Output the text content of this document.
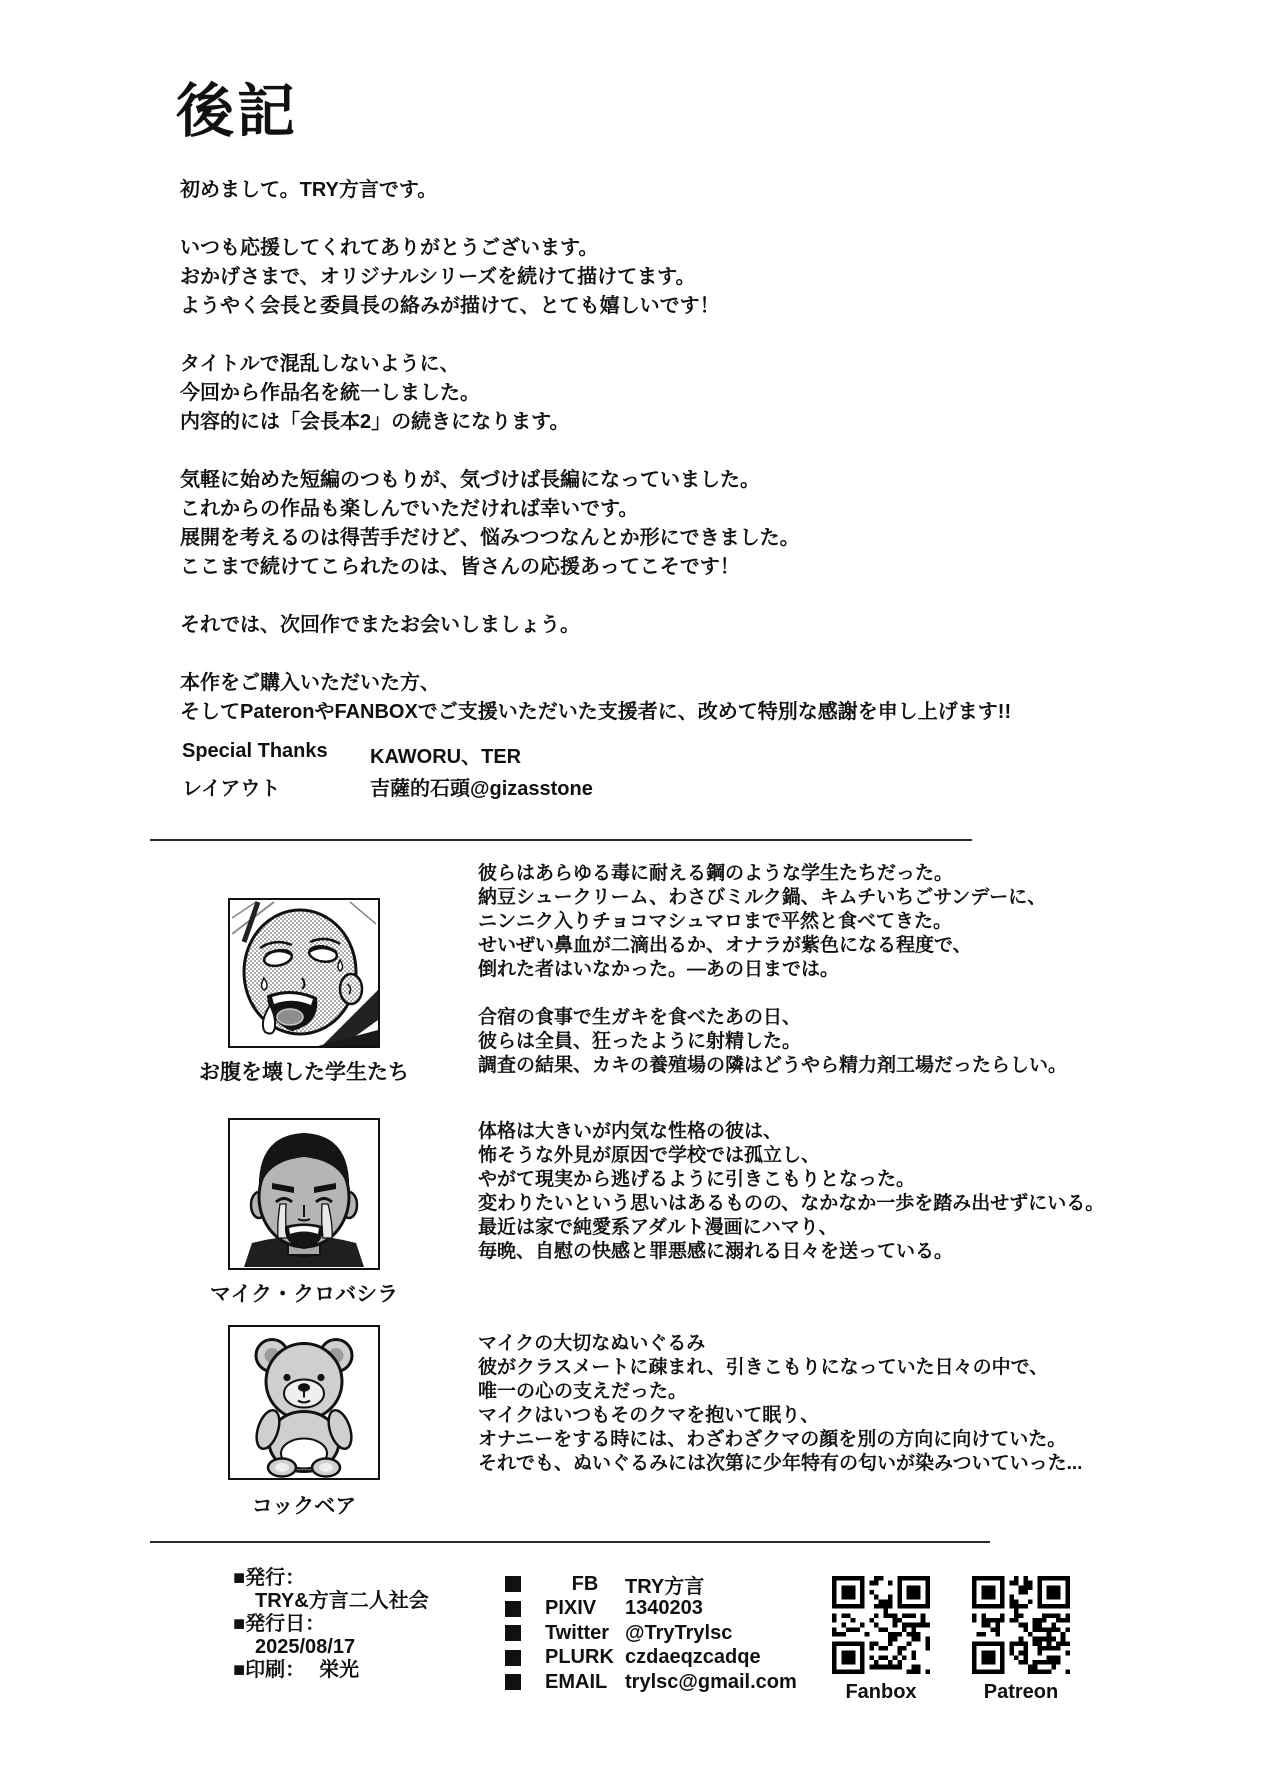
後記
初めまして。TRY方言です。

いつも応援してくれてありがとうございます。
おかげさまで、オリジナルシリーズを続けて描けてます。
ようやく会長と委員長の絡みが描けて、とても嬉しいです！

タイトルで混乱しないように、
今回から作品名を統一しました。
内容的には「会長本2」の続きになります。

気軽に始めた短編のつもりが、気づけば長編になっていました。
これからの作品も楽しんでいただければ幸いです。
展開を考えるのは得苦手だけど、悩みつつなんとか形にできました。
ここまで続けてこられたのは、皆さんの応援あってこそです！

それでは、次回作でまたお会いしましょう。

本作をご購入いただいた方、
そしてPateronやFANBOXでご支援いただいた支援者に、改めて特別な感謝を申し上げます!!
Special Thanks	KAWORU、TER
レイアウト	吉薩的石頭@gizasstone
お腹を壊した学生たち
彼らはあらゆる毒に耐える鋼のような学生たちだった。
納豆シュークリーム、わさびミルク鍋、キムチいちごサンデーに、
ニンニク入りチョコマシュマロまで平然と食べてきた。
せいぜい鼻血が二滴出るか、オナラが紫色になる程度で、
倒れた者はいなかった。―あの日までは。

合宿の食事で生ガキを食べたあの日、
彼らは全員、狂ったように射精した。
調査の結果、カキの養殖場の隣はどうやら精力剤工場だったらしい。
マイク・クロバシラ
体格は大きいが内気な性格の彼は、
怖そうな外見が原因で学校では孤立し、
やがて現実から逃げるように引きこもりとなった。
変わりたいという思いはあるものの、なかなか一歩を踏み出せずにいる。
最近は家で純愛系アダルト漫画にハマり、
毎晩、自慰の快感と罪悪感に溺れる日々を送っている。
コックベア
マイクの大切なぬいぐるみ
彼がクラスメートに疎まれ、引きこもりになっていた日々の中で、
唯一の心の支えだった。
マイクはいつもそのクマを抱いて眠り、
オナニーをする時には、わざわざクマの顔を別の方向に向けていた。
それでも、ぬいぐるみには次第に少年特有の匂いが染みついていった...
■発行：
TRY&方言二人社会
■発行日：
2025/08/17
■印刷： 栄光
FB	TRY方言
PIXIV	1340203
Twitter @TryTrylsc
PLURK czdaeqzcadqe
EMAIL trylsc@gmail.com	Fanbox	Patreon
